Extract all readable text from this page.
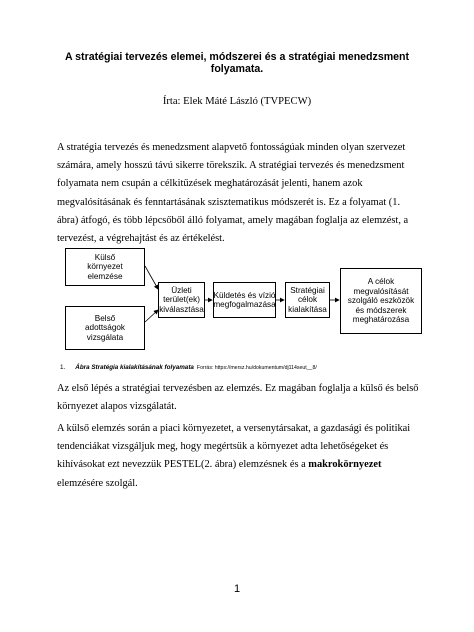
A stratégiai tervezés elemei, módszerei és a stratégiai menedzsment folyamata.
Írta: Elek Máté László (TVPECW)

A stratégia tervezés és menedzsment alapvető fontosságúak minden olyan szervezet számára, amely hosszú távú sikerre törekszik. A stratégiai tervezés és menedzsment folyamata nem csupán a célkitűzések meghatározását jelenti, hanem azok megvalósításának és fenntartásának szisztematikus módszerét is. Ez a folyamat (1. ábra) átfogó, és több lépcsőből álló folyamat, amely magában foglalja az elemzést, a tervezést, a végrehajtást és az értékelést.

Külső
környezet
elemzése
Belső
adottságok
vizsgálata
Üzleti terület(ek)
kiválasztása
Küldetés és vízió
megfogalmazása
Stratégiai
célok
kialakítása
A célok
megvalósítását
szolgáló eszközök
és módszerek
meghatározása
1. Ábra Stratégia kialakításának folyamata Forrás: https://mersz.hu/dokumentum/dj114seut__8/

Az első lépés a stratégiai tervezésben az elemzés. Ez magában foglalja a külső és belső környezet alapos vizsgálatát.

A külső elemzés során a piaci környezetet, a versenytársakat, a gazdasági és politikai tendenciákat vizsgáljuk meg, hogy megértsük a környezet adta lehetőségeket és kihívásokat ezt nevezzük PESTEL(2. ábra) elemzésnek és a makrokörnyezet elemzésére szolgál.

1
